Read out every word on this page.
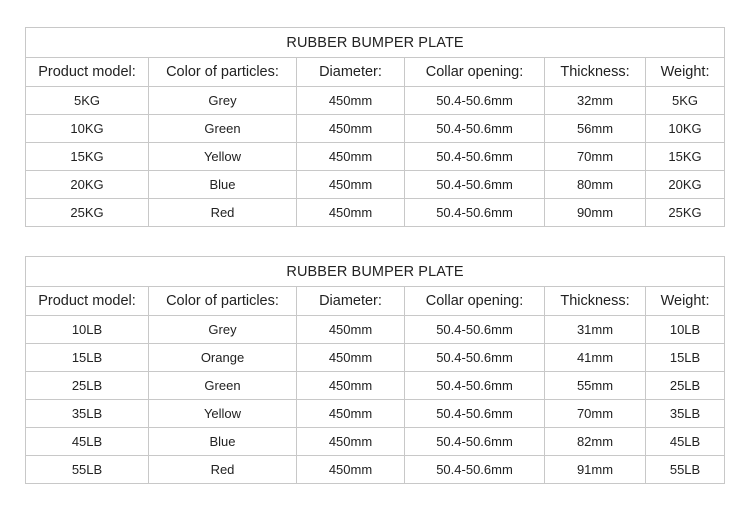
RUBBER BUMPER PLATE					
Product model:	Color of particles:	Diameter:	Collar opening:	Thickness:	Weight:
5KG	Grey	450mm	50.4-50.6mm	32mm	5KG
10KG	Green	450mm	50.4-50.6mm	56mm	10KG
15KG	Yellow	450mm	50.4-50.6mm	70mm	15KG
20KG	Blue	450mm	50.4-50.6mm	80mm	20KG
25KG	Red	450mm	50.4-50.6mm	90mm	25KG
RUBBER BUMPER PLATE					
Product model:	Color of particles:	Diameter:	Collar opening:	Thickness:	Weight:
10LB	Grey	450mm	50.4-50.6mm	31mm	10LB
15LB	Orange	450mm	50.4-50.6mm	41mm	15LB
25LB	Green	450mm	50.4-50.6mm	55mm	25LB
35LB	Yellow	450mm	50.4-50.6mm	70mm	35LB
45LB	Blue	450mm	50.4-50.6mm	82mm	45LB
55LB	Red	450mm	50.4-50.6mm	91mm	55LB
